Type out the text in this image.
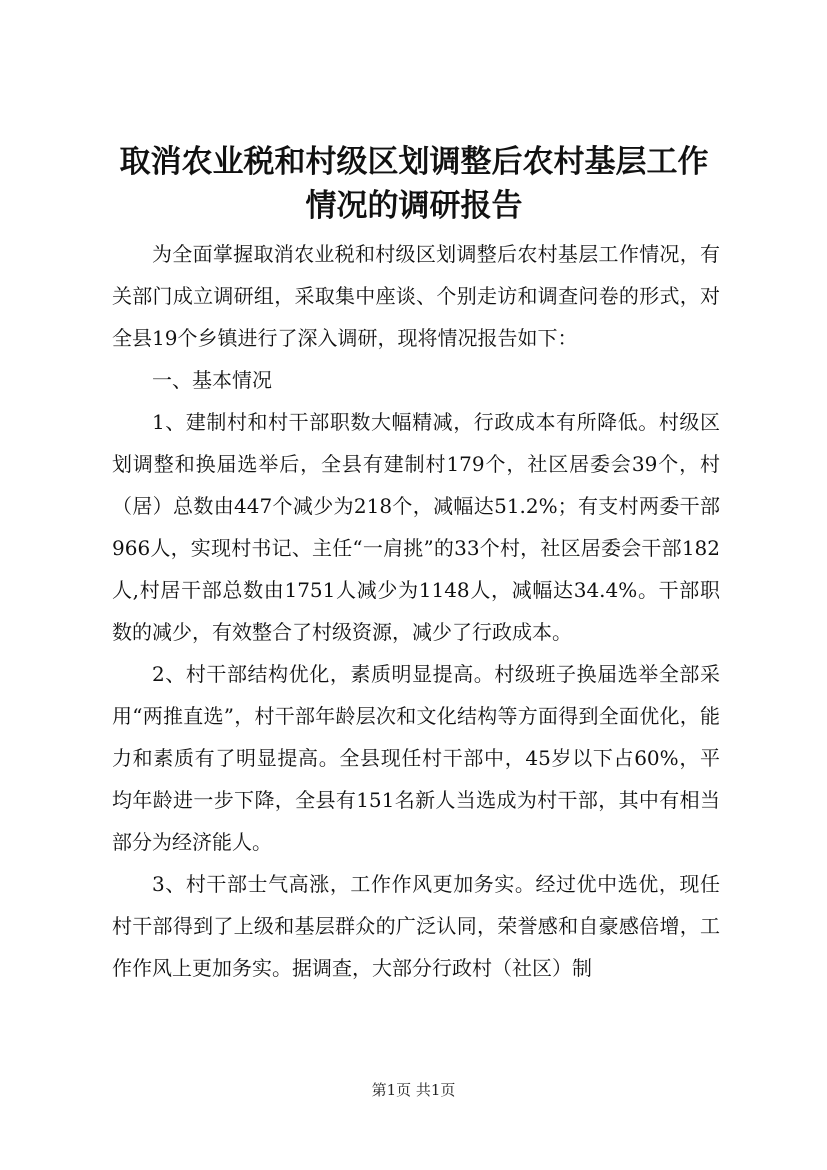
取消农业税和村级区划调整后农村基层工作情况的调研报告

为全面掌握取消农业税和村级区划调整后农村基层工作情况，有关部门成立调研组，采取集中座谈、个别走访和调查问卷的形式，对全县19个乡镇进行了深入调研，现将情况报告如下：

一、基本情况

1、建制村和村干部职数大幅精减，行政成本有所降低。村级区划调整和换届选举后，全县有建制村179个，社区居委会39个，村（居）总数由447个减少为218个，减幅达51.2%；有支村两委干部966人，实现村书记、主任“一肩挑”的33个村，社区居委会干部182人,村居干部总数由1751人减少为1148人，减幅达34.4%。干部职数的减少，有效整合了村级资源，减少了行政成本。

2、村干部结构优化，素质明显提高。村级班子换届选举全部采用“两推直选”，村干部年龄层次和文化结构等方面得到全面优化，能力和素质有了明显提高。全县现任村干部中，45岁以下占60%，平均年龄进一步下降，全县有151名新人当选成为村干部，其中有相当部分为经济能人。

3、村干部士气高涨，工作作风更加务实。经过优中选优，现任村干部得到了上级和基层群众的广泛认同，荣誉感和自豪感倍增，工作作风上更加务实。据调查，大部分行政村（社区）制

第1页 共1页
